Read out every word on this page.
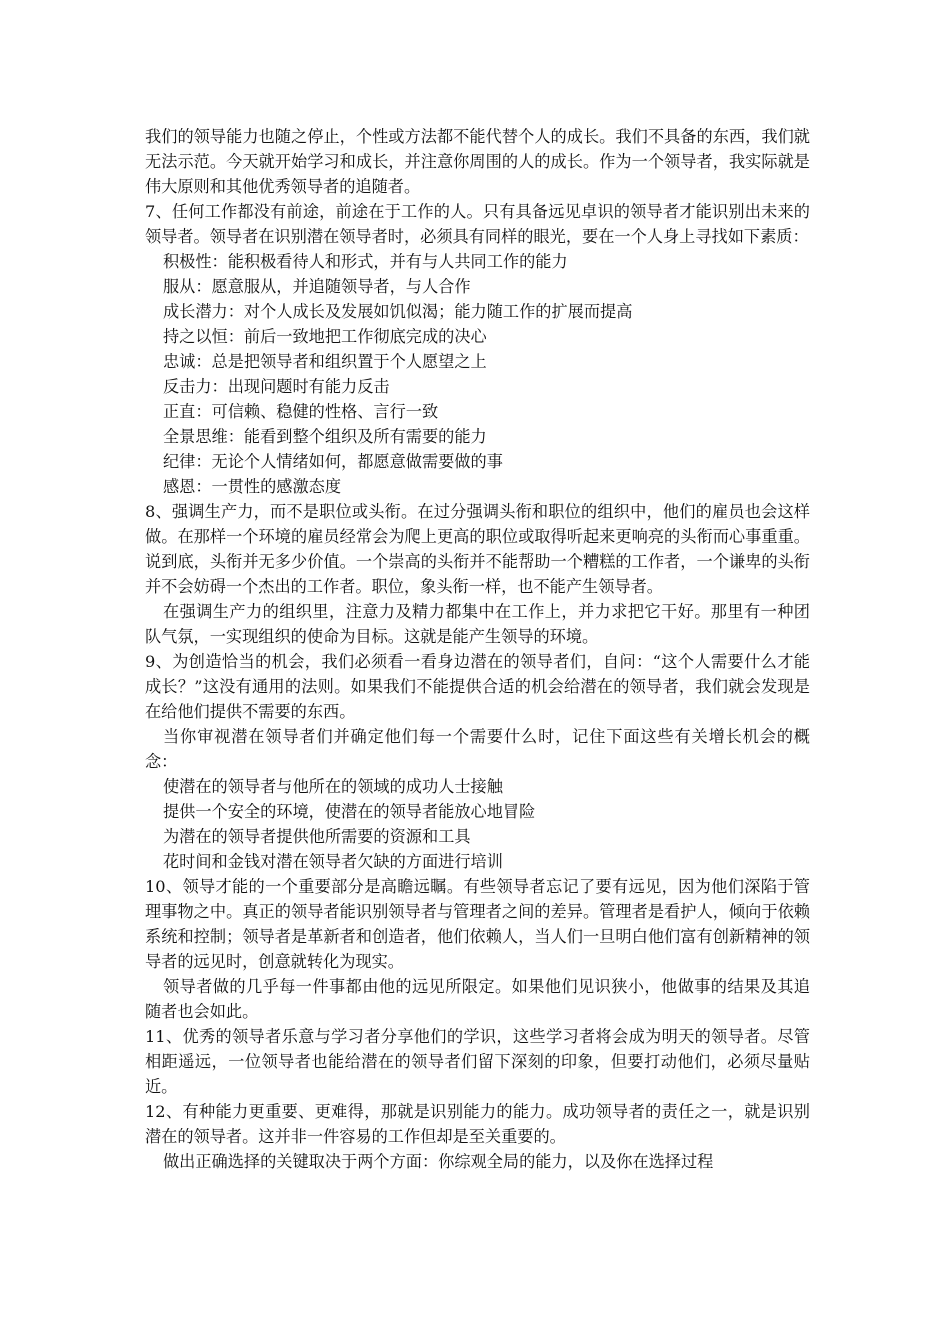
我们的领导能力也随之停止，个性或方法都不能代替个人的成长。我们不具备的东西，我们就无法示范。今天就开始学习和成长，并注意你周围的人的成长。作为一个领导者，我实际就是伟大原则和其他优秀领导者的追随者。

7、任何工作都没有前途，前途在于工作的人。只有具备远见卓识的领导者才能识别出未来的领导者。领导者在识别潜在领导者时，必须具有同样的眼光，要在一个人身上寻找如下素质：

积极性：能积极看待人和形式，并有与人共同工作的能力

服从：愿意服从，并追随领导者，与人合作

成长潜力：对个人成长及发展如饥似渴；能力随工作的扩展而提高

持之以恒：前后一致地把工作彻底完成的决心

忠诚：总是把领导者和组织置于个人愿望之上

反击力：出现问题时有能力反击

正直：可信赖、稳健的性格、言行一致

全景思维：能看到整个组织及所有需要的能力

纪律：无论个人情绪如何，都愿意做需要做的事

感恩：一贯性的感激态度

8、强调生产力，而不是职位或头衔。在过分强调头衔和职位的组织中，他们的雇员也会这样做。在那样一个环境的雇员经常会为爬上更高的职位或取得听起来更响亮的头衔而心事重重。说到底，头衔并无多少价值。一个崇高的头衔并不能帮助一个糟糕的工作者，一个谦卑的头衔并不会妨碍一个杰出的工作者。职位，象头衔一样，也不能产生领导者。

在强调生产力的组织里，注意力及精力都集中在工作上，并力求把它干好。那里有一种团队气氛，一实现组织的使命为目标。这就是能产生领导的环境。

9、为创造恰当的机会，我们必须看一看身边潜在的领导者们，自问：“这个人需要什么才能成长？”这没有通用的法则。如果我们不能提供合适的机会给潜在的领导者，我们就会发现是在给他们提供不需要的东西。

当你审视潜在领导者们并确定他们每一个需要什么时，记住下面这些有关增长机会的概念：

使潜在的领导者与他所在的领域的成功人士接触

提供一个安全的环境，使潜在的领导者能放心地冒险

为潜在的领导者提供他所需要的资源和工具

花时间和金钱对潜在领导者欠缺的方面进行培训

10、领导才能的一个重要部分是高瞻远瞩。有些领导者忘记了要有远见，因为他们深陷于管理事物之中。真正的领导者能识别领导者与管理者之间的差异。管理者是看护人，倾向于依赖系统和控制；领导者是革新者和创造者，他们依赖人，当人们一旦明白他们富有创新精神的领导者的远见时，创意就转化为现实。

领导者做的几乎每一件事都由他的远见所限定。如果他们见识狭小，他做事的结果及其追随者也会如此。

11、优秀的领导者乐意与学习者分享他们的学识，这些学习者将会成为明天的领导者。尽管相距遥远，一位领导者也能给潜在的领导者们留下深刻的印象，但要打动他们，必须尽量贴近。

12、有种能力更重要、更难得，那就是识别能力的能力。成功领导者的责任之一，就是识别潜在的领导者。这并非一件容易的工作但却是至关重要的。

做出正确选择的关键取决于两个方面：你综观全局的能力，以及你在选择过程
